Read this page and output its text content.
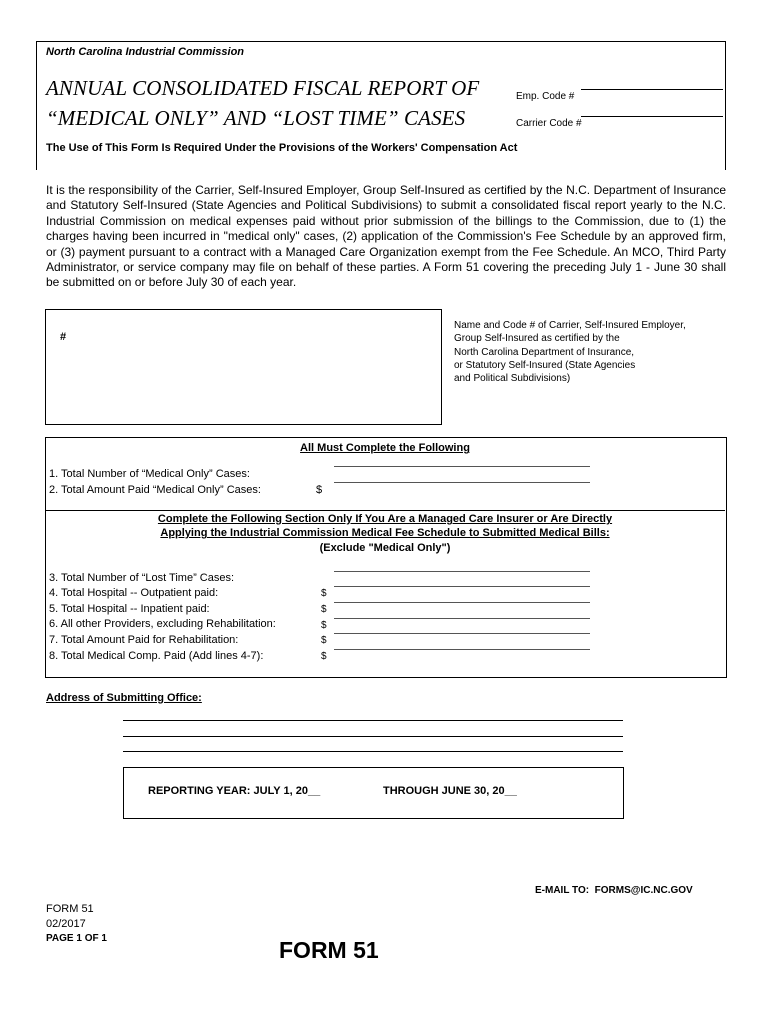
North Carolina Industrial Commission
ANNUAL CONSOLIDATED FISCAL REPORT OF
“MEDICAL ONLY” AND “LOST TIME” CASES
Emp. Code #
Carrier Code #
The Use of This Form Is Required Under the Provisions of the Workers' Compensation Act
It is the responsibility of the Carrier, Self-Insured Employer, Group Self-Insured as certified by the N.C. Department of Insurance and Statutory Self-Insured (State Agencies and Political Subdivisions) to submit a consolidated fiscal report yearly to the N.C. Industrial Commission on medical expenses paid without prior submission of the billings to the Commission, due to (1) the charges having been incurred in "medical only" cases, (2) application of the Commission's Fee Schedule by an approved firm, or (3) payment pursuant to a contract with a Managed Care Organization exempt from the Fee Schedule. An MCO, Third Party Administrator, or service company may file on behalf of these parties. A Form 51 covering the preceding July 1 - June 30 shall be submitted on or before July 30 of each year.
#
Name and Code # of Carrier, Self-Insured Employer,
Group Self-Insured as certified by the
North Carolina Department of Insurance,
or Statutory Self-Insured (State Agencies
and Political Subdivisions)
All Must Complete the Following
1. Total Number of “Medical Only” Cases:
2. Total Amount Paid “Medical Only” Cases:	$
Complete the Following Section Only If You Are a Managed Care Insurer or Are Directly
Applying the Industrial Commission Medical Fee Schedule to Submitted Medical Bills:
(Exclude "Medical Only")
3. Total Number of “Lost Time” Cases:
4. Total Hospital -- Outpatient paid:	$
5. Total Hospital -- Inpatient paid:	$
6. All other Providers, excluding Rehabilitation:	$
7. Total Amount Paid for Rehabilitation:	$
8. Total Medical Comp. Paid (Add lines 4-7):	$
Address of Submitting Office:
REPORTING YEAR: JULY 1, 20__	THROUGH JUNE 30, 20__
E-MAIL TO: FORMS@IC.NC.GOV
FORM 51
02/2017
PAGE 1 OF 1	FORM 51
